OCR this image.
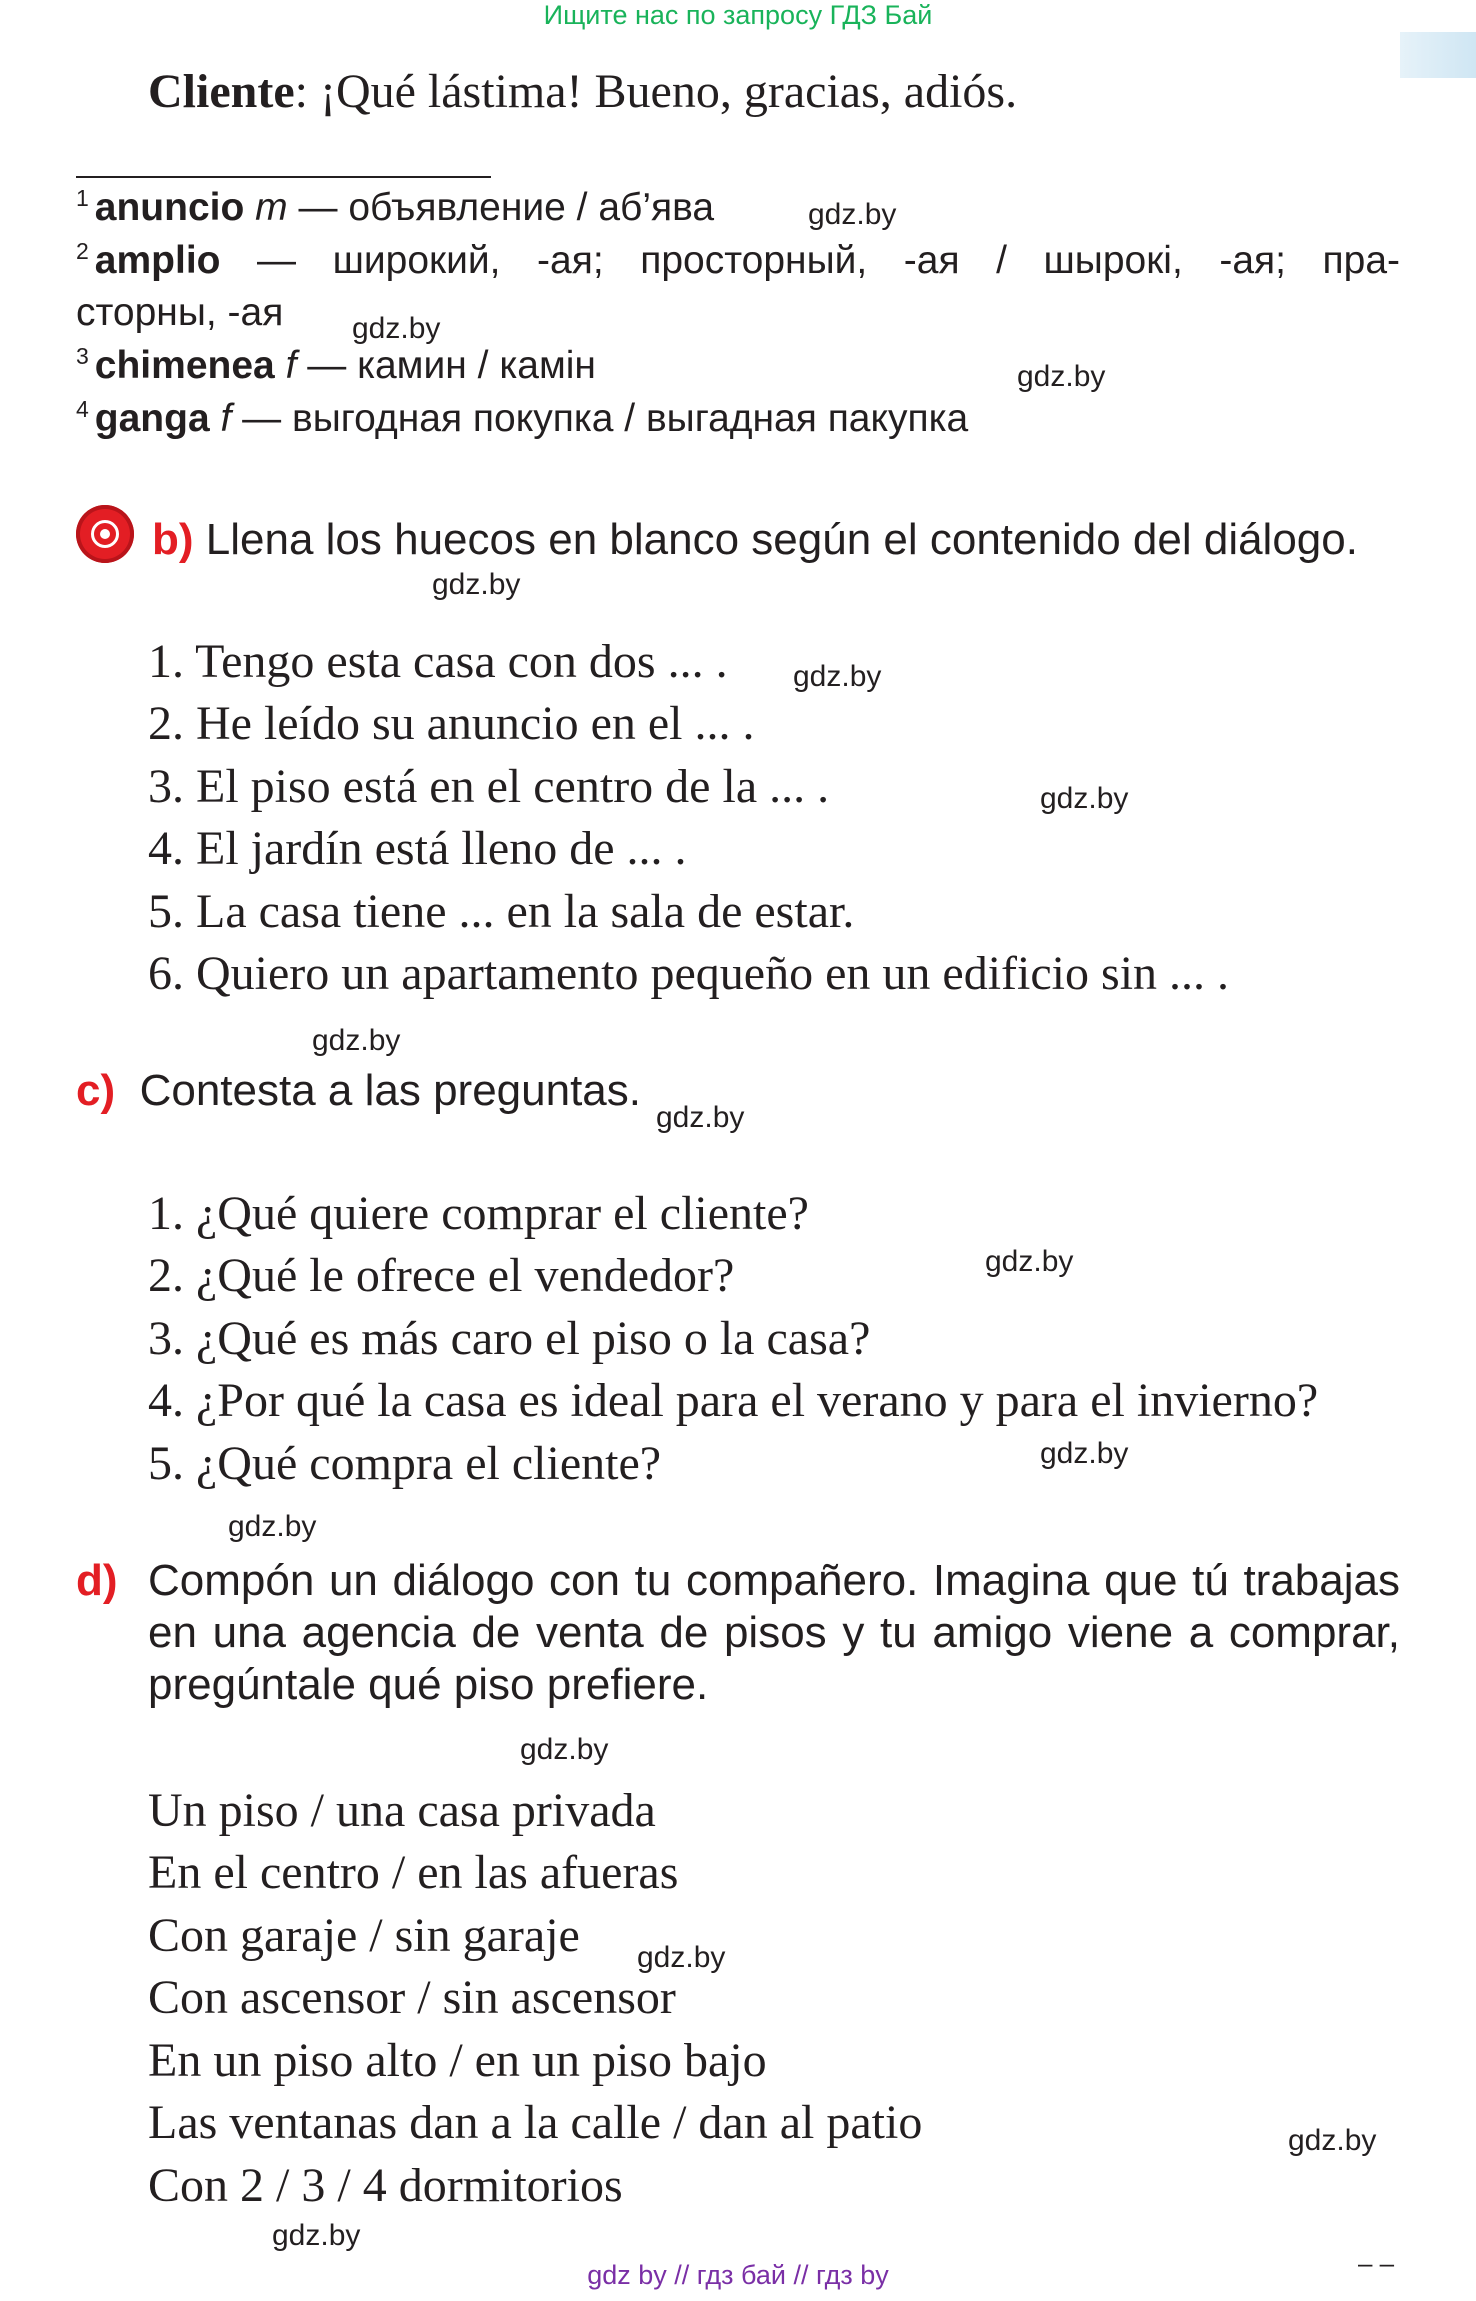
Ищите нас по запросу ГДЗ Бай
Cliente: ¡Qué lástima! Bueno, gracias, adiós.
$^1$ anuncio m — объявление / аб’ява
$^2$ amplio — широкий, -ая; просторный, -ая / шырокі, -ая; пра-
сторны, -ая
$^3$ chimenea f — камин / камін
$^4$ ganga f — выгодная покупка / выгадная пакупка
b) Llena los huecos en blanco según el contenido del diálogo.
1. Tengo esta casa con dos ... .
2. He leído su anuncio en el ... .
3. El piso está en el centro de la ... .
4. El jardín está lleno de ... .
5. La casa tiene ... en la sala de estar.
6. Quiero un apartamento pequeño en un edificio sin ... .
c) Contesta a las preguntas.
1. ¿Qué quiere comprar el cliente?
2. ¿Qué le ofrece el vendedor?
3. ¿Qué es más caro el piso o la casa?
4. ¿Por qué la casa es ideal para el verano y para el invierno?
5. ¿Qué compra el cliente?
d) Compón un diálogo con tu compañero. Imagina que tú trabajas
en una agencia de venta de pisos y tu amigo viene a comprar,
pregúntale qué piso prefiere.
Un piso / una casa privada
En el centro / en las afueras
Con garaje / sin garaje
Con ascensor / sin ascensor
En un piso alto / en un piso bajo
Las ventanas dan a la calle / dan al patio
Con 2 / 3 / 4 dormitorios
gdz.by
gdz.by
gdz.by
gdz.by
gdz.by
gdz.by
gdz.by
gdz.by
gdz.by
gdz.by
gdz.by
gdz.by
gdz.by
gdz.by
gdz.by
gdz by // гдз бай // гдз by	– –
